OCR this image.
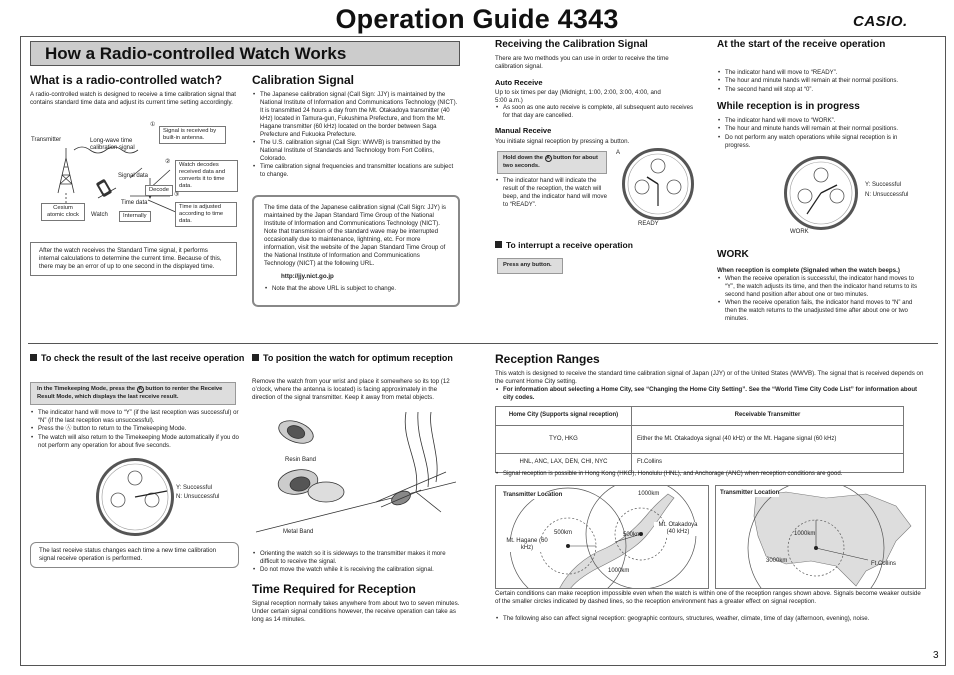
Operation Guide 4343	CASIO.
How a Radio-controlled Watch Works
What is a radio-controlled watch?
A radio-controlled watch is designed to receive a time calibration signal that contains standard time data and adjust its current time setting accordingly.
Transmitter	Long-wave time calibration signal
①
Signal is received by built-in antenna.
②	Watch decodes received data and converts it to time data.
Signal data
Decode
③
Time data
Internally
Time is adjusted according to time data.
Cesium atomic clock	Watch
After the watch receives the Standard Time signal, it performs internal calculations to determine the current time. Because of this, there may be an error of up to one second in the displayed time.
Calibration Signal
• The Japanese calibration signal (Call Sign: JJY) is maintained by the National Institute of Information and Communications Technology (NICT). It is transmitted 24 hours a day from the Mt. Otakadoya transmitter (40 kHz) located in Tamura-gun, Fukushima Prefecture, and from the Mt. Hagane transmitter (60 kHz) located on the border between Saga Prefecture and Fukuoka Prefecture.
• The U.S. calibration signal (Call Sign: WWVB) is transmitted by the National Institute of Standards and Technology from Fort Collins, Colorado.
• Time calibration signal frequencies and transmitter locations are subject to change.
The time data of the Japanese calibration signal (Call Sign: JJY) is maintained by the Japan Standard Time Group of the National Institute of Information and Communications Technology (NICT). Note that transmission of the standard wave may be interrupted occasionally due to maintenance, lightning, etc. For more information, visit the website of the Japan Standard Time Group of the National Institute of Information and Communications Technology (NICT) at the following URL.
http://jjy.nict.go.jp
• Note that the above URL is subject to change.
Receiving the Calibration Signal
There are two methods you can use in order to receive the time calibration signal.
Auto Receive
Up to six times per day (Midnight, 1:00, 2:00, 3:00, 4:00, and 5:00 a.m.)
• As soon as one auto receive is complete, all subsequent auto receives for that day are cancelled.
Manual Receive
You initiate signal reception by pressing a button.
Hold down the A button for about two seconds.
• The indicator hand will indicate the result of the reception, the watch will beep, and the indicator hand will move to “READY”.
A
READY
To interrupt a receive operation
Press any button.
At the start of the receive operation
• The indicator hand will move to “READY”.
• The hour and minute hands will remain at their normal positions.
• The second hand will stop at “0”.
While reception is in progress
• The indicator hand will move to “WORK”.
• The hour and minute hands will remain at their normal positions.
• Do not perform any watch operations while signal reception is in progress.
Y: Successful
N: Unsuccessful
WORK
WORK
When reception is complete (Signaled when the watch beeps.)
• When the receive operation is successful, the indicator hand moves to “Y”, the watch adjusts its time, and then the indicator hand returns to its second hand position after about one or two minutes.
• When the receive operation fails, the indicator hand moves to “N” and then the watch returns to the unadjusted time after about one or two minutes.
To check the result of the last receive operation
In the Timekeeping Mode, press the A button to renter the Receive Result Mode, which displays the last receive result.
• The indicator hand will move to “Y” (if the last reception was successful) or “N” (if the last reception was unsuccessful).
• Press the Ⓐ button to return to the Timekeeping Mode.
• The watch will also return to the Timekeeping Mode automatically if you do not perform any operation for about five seconds.
Y: Successful
N: Unsuccessful
The last receive status changes each time a new time calibration signal receive operation is performed.
To position the watch for optimum reception
Remove the watch from your wrist and place it somewhere so its top (12 o’clock, where the antenna is located) is facing approximately in the direction of the signal transmitter. Keep it away from metal objects.
Resin Band
Metal Band
• Orienting the watch so it is sideways to the transmitter makes it more difficult to receive the signal.
• Do not move the watch while it is receiving the calibration signal.
Time Required for Reception
Signal reception normally takes anywhere from about two to seven minutes. Under certain signal conditions however, the receive operation can take as long as 14 minutes.
Reception Ranges
This watch is designed to receive the standard time calibration signal of Japan (JJY) or of the United States (WWVB). The signal that is received depends on the current Home City setting.
• For information about selecting a Home City, see “Changing the Home City Setting”. See the “World Time City Code List” for information about city codes.
Home City (Supports signal reception)	Receivable Transmitter
TYO, HKG	Either the Mt. Otakadoya signal (40 kHz) or the Mt. Hagane signal (60 kHz)
HNL, ANC, LAX, DEN, CHI, NYC	Ft.Collins
• Signal reception is possible in Hong Kong (HKG), Honolulu (HNL), and Anchorage (ANC) when reception conditions are good.
Transmitter Location	1000km
500km	500km
1000km
Mt. Hagane (60 kHz)
Mt. Otakadoya (40 kHz)
Transmitter Location
1000km
3000km	Ft.Collins
Certain conditions can make reception impossible even when the watch is within one of the reception ranges shown above. Signals become weaker outside of the smaller circles indicated by dashed lines, so the reception environment has a greater effect on signal reception.
• The following also can affect signal reception: geographic contours, structures, weather, climate, time of day (afternoon, evening), noise.
3
